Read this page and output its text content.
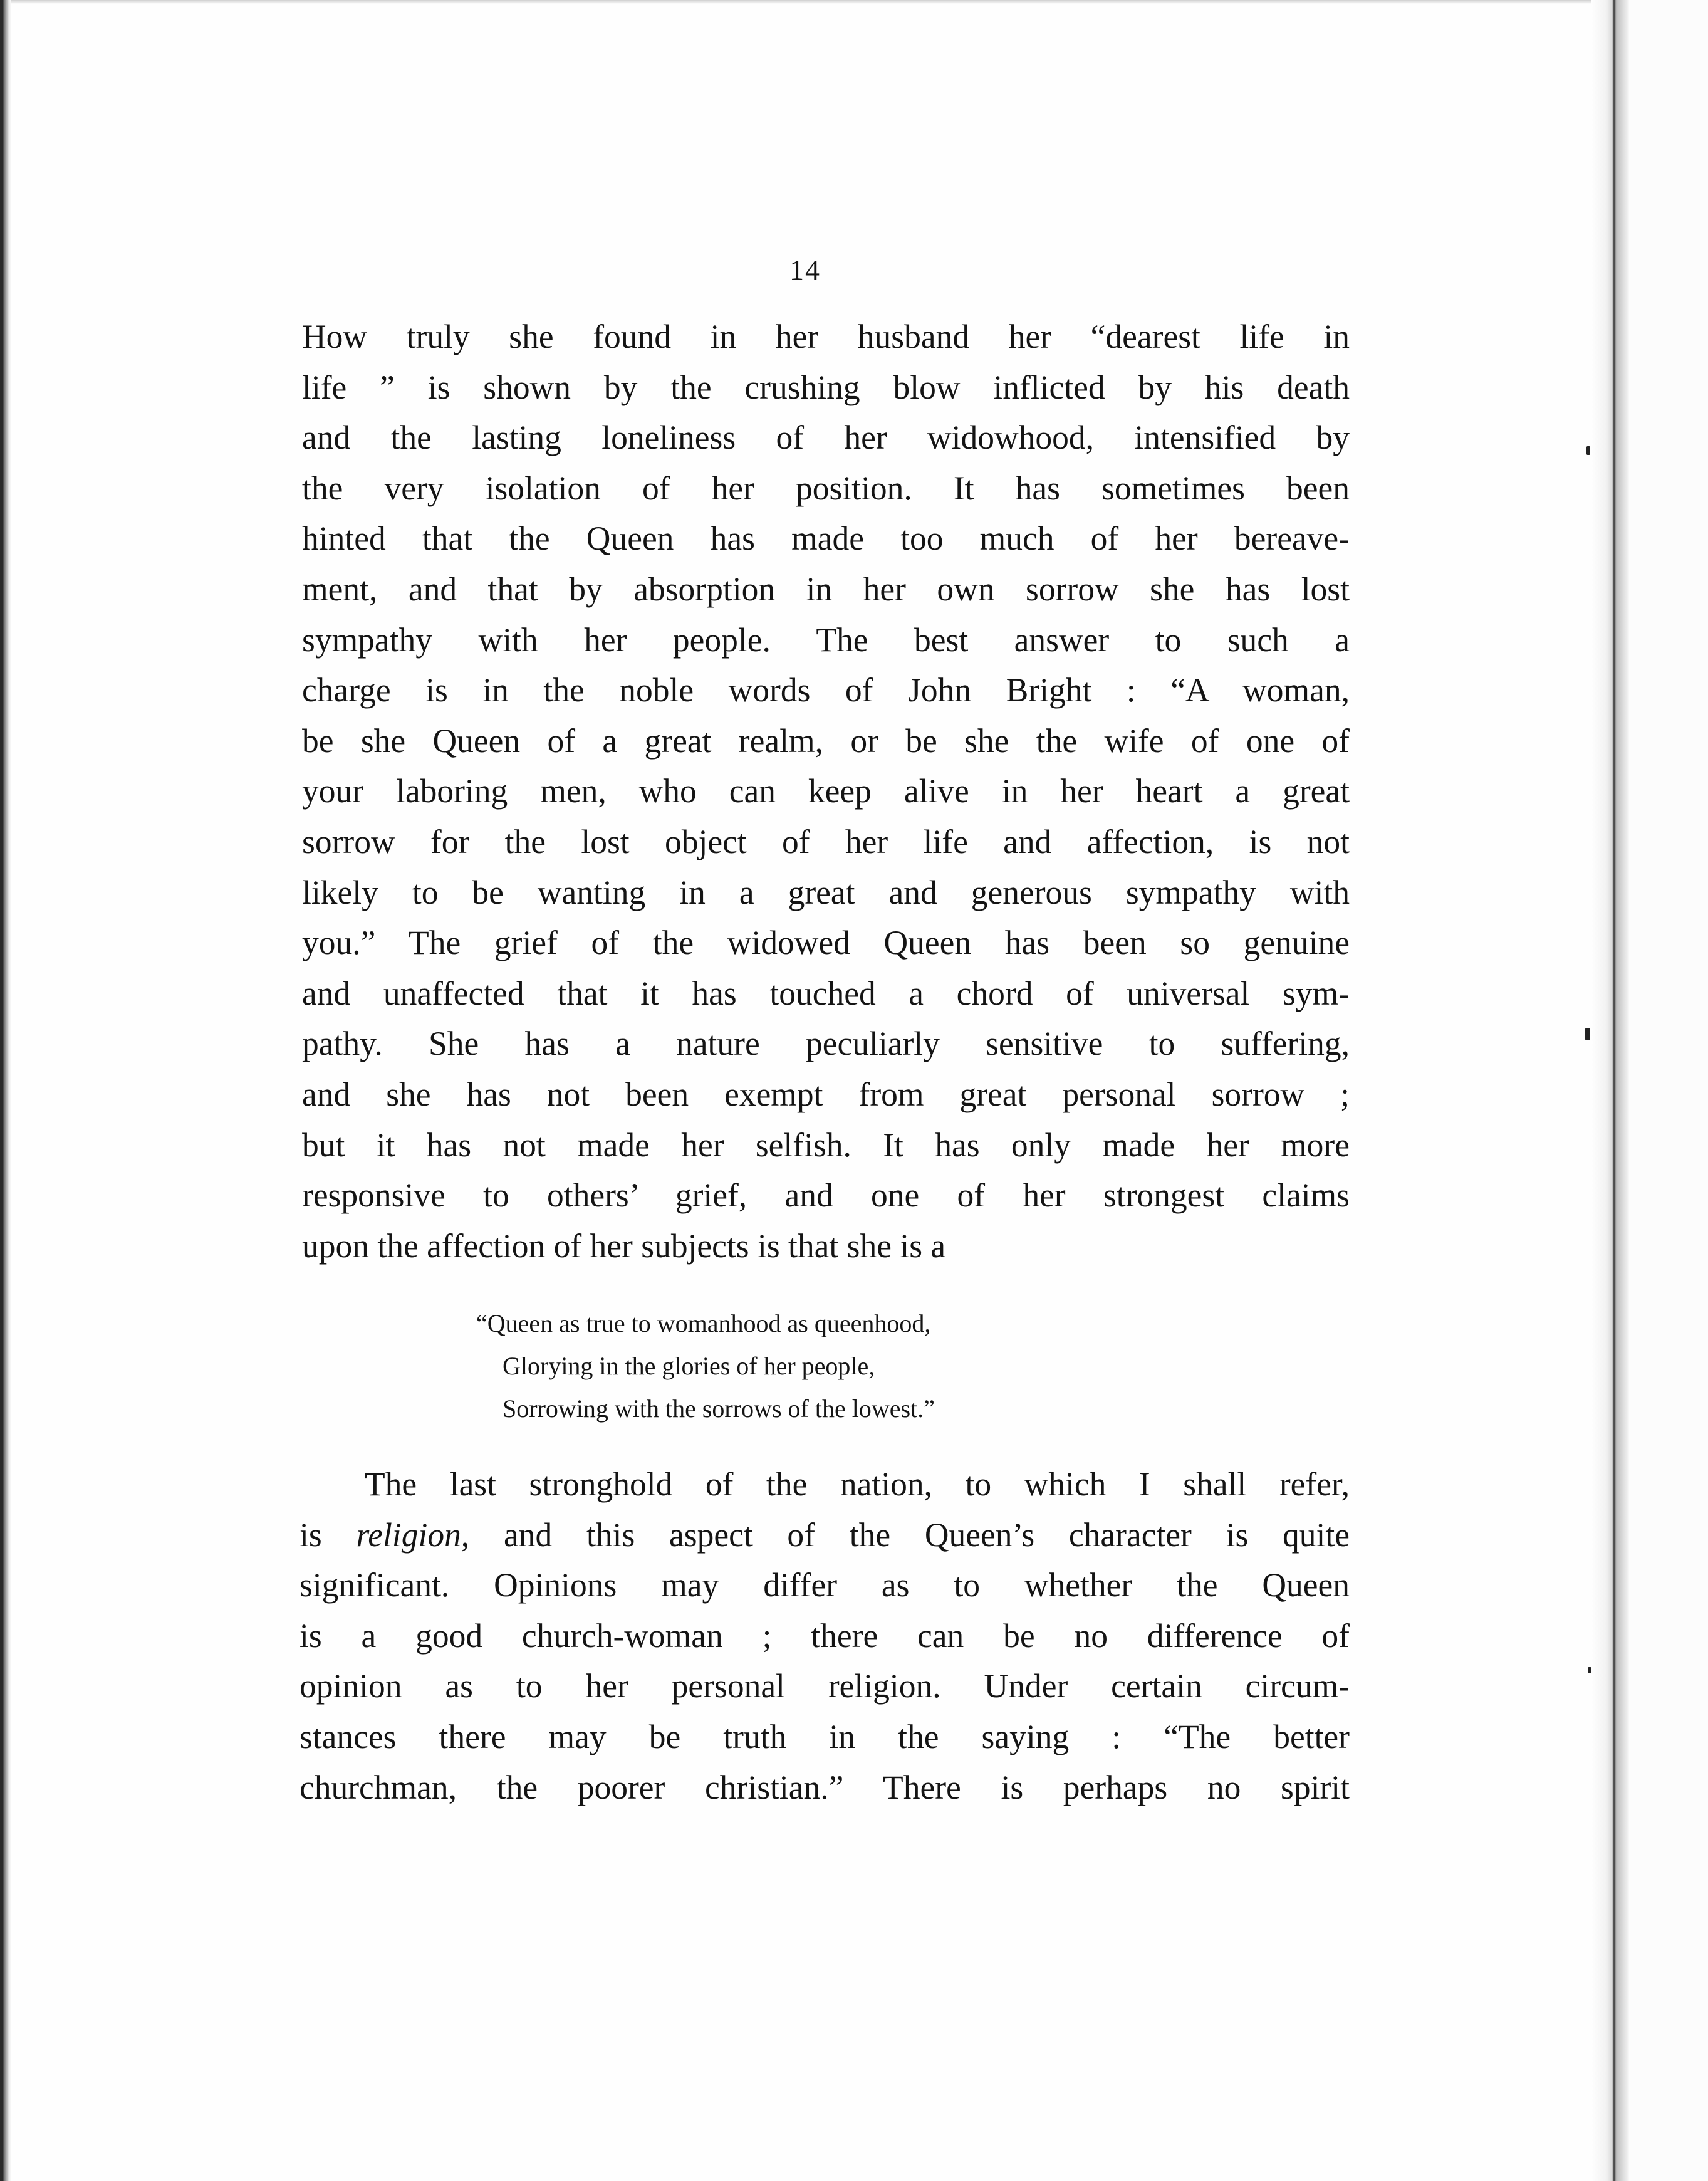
14
How truly she found in her husband her “dearest life in
life ” is shown by the crushing blow inflicted by his death
and the lasting loneliness of her widowhood, intensified by
the very isolation of her position. It has sometimes been
hinted that the Queen has made too much of her bereave-
ment, and that by absorption in her own sorrow she has lost
sympathy with her people. The best answer to such a
charge is in the noble words of John Bright : “A woman,
be she Queen of a great realm, or be she the wife of one of
your laboring men, who can keep alive in her heart a great
sorrow for the lost object of her life and affection, is not
likely to be wanting in a great and generous sympathy with
you.” The grief of the widowed Queen has been so genuine
and unaffected that it has touched a chord of universal sym-
pathy. She has a nature peculiarly sensitive to suffering,
and she has not been exempt from great personal sorrow ;
but it has not made her selfish. It has only made her more
responsive to others’ grief, and one of her strongest claims
upon the affection of her subjects is that she is a
“Queen as true to womanhood as queenhood,
Glorying in the glories of her people,
Sorrowing with the sorrows of the lowest.”
The last stronghold of the nation, to which I shall refer,
is religion, and this aspect of the Queen’s character is quite
significant. Opinions may differ as to whether the Queen
is a good church-woman ; there can be no difference of
opinion as to her personal religion. Under certain circum-
stances there may be truth in the saying : “The better
churchman, the poorer christian.” There is perhaps no spirit
